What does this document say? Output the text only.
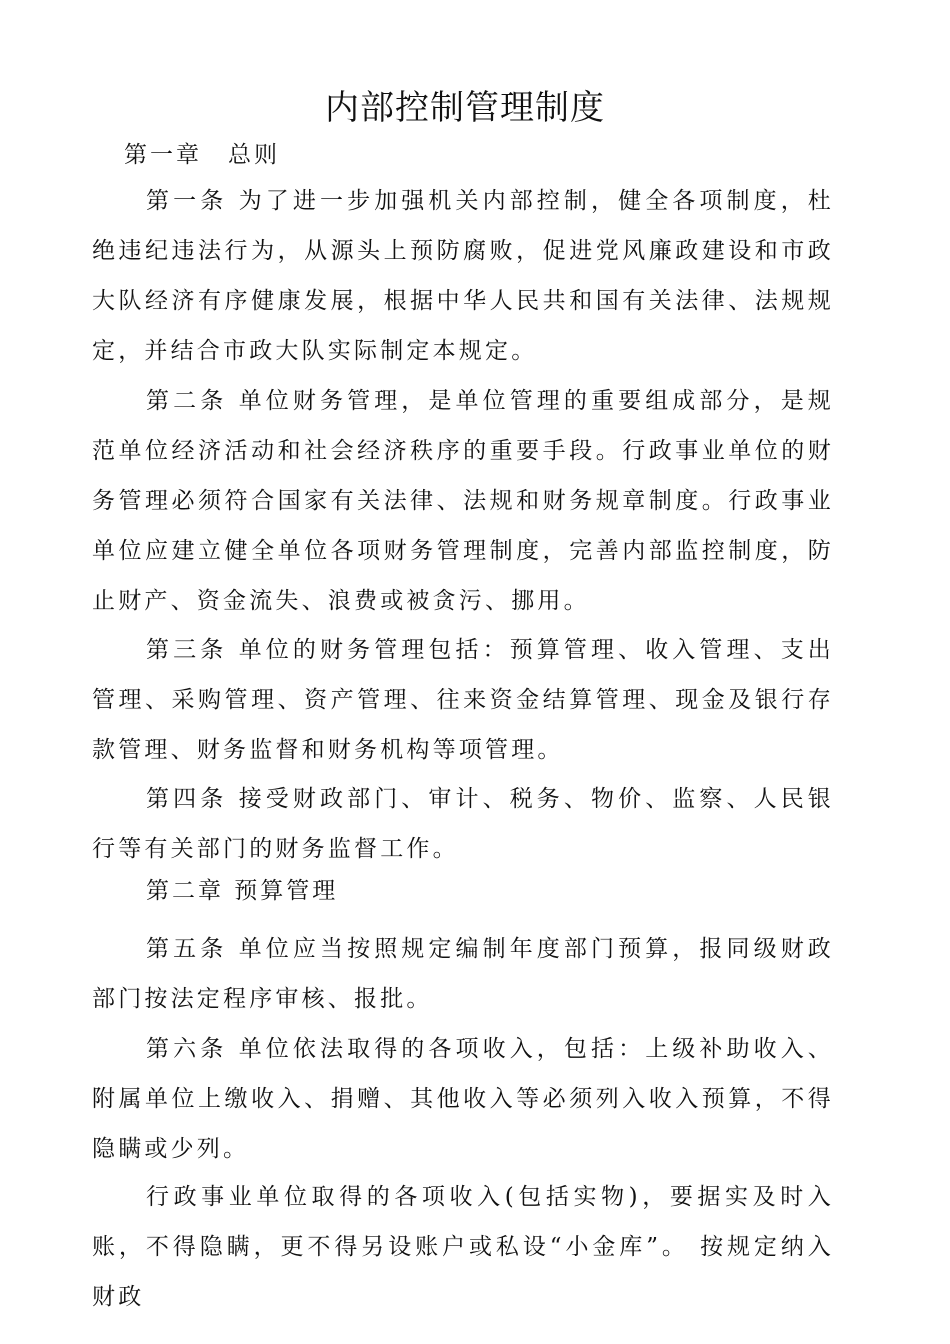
内部控制管理制度
第一章　总则
第一条 为了进一步加强机关内部控制，健全各项制度，杜绝违纪违法行为，从源头上预防腐败，促进党风廉政建设和市政大队经济有序健康发展，根据中华人民共和国有关法律、法规规定，并结合市政大队实际制定本规定。
第二条 单位财务管理，是单位管理的重要组成部分，是规范单位经济活动和社会经济秩序的重要手段。行政事业单位的财务管理必须符合国家有关法律、法规和财务规章制度。行政事业单位应建立健全单位各项财务管理制度，完善内部监控制度，防止财产、资金流失、浪费或被贪污、挪用。
第三条 单位的财务管理包括：预算管理、收入管理、支出管理、采购管理、资产管理、往来资金结算管理、现金及银行存款管理、财务监督和财务机构等项管理。
第四条 接受财政部门、审计、税务、物价、监察、人民银行等有关部门的财务监督工作。
第二章 预算管理
第五条 单位应当按照规定编制年度部门预算，报同级财政部门按法定程序审核、报批。
第六条 单位依法取得的各项收入，包括：上级补助收入、附属单位上缴收入、捐赠、其他收入等必须列入收入预算，不得隐瞒或少列。
行政事业单位取得的各项收入(包括实物)，要据实及时入账，不得隐瞒，更不得另设账户或私设“小金库”。 按规定纳入财政
